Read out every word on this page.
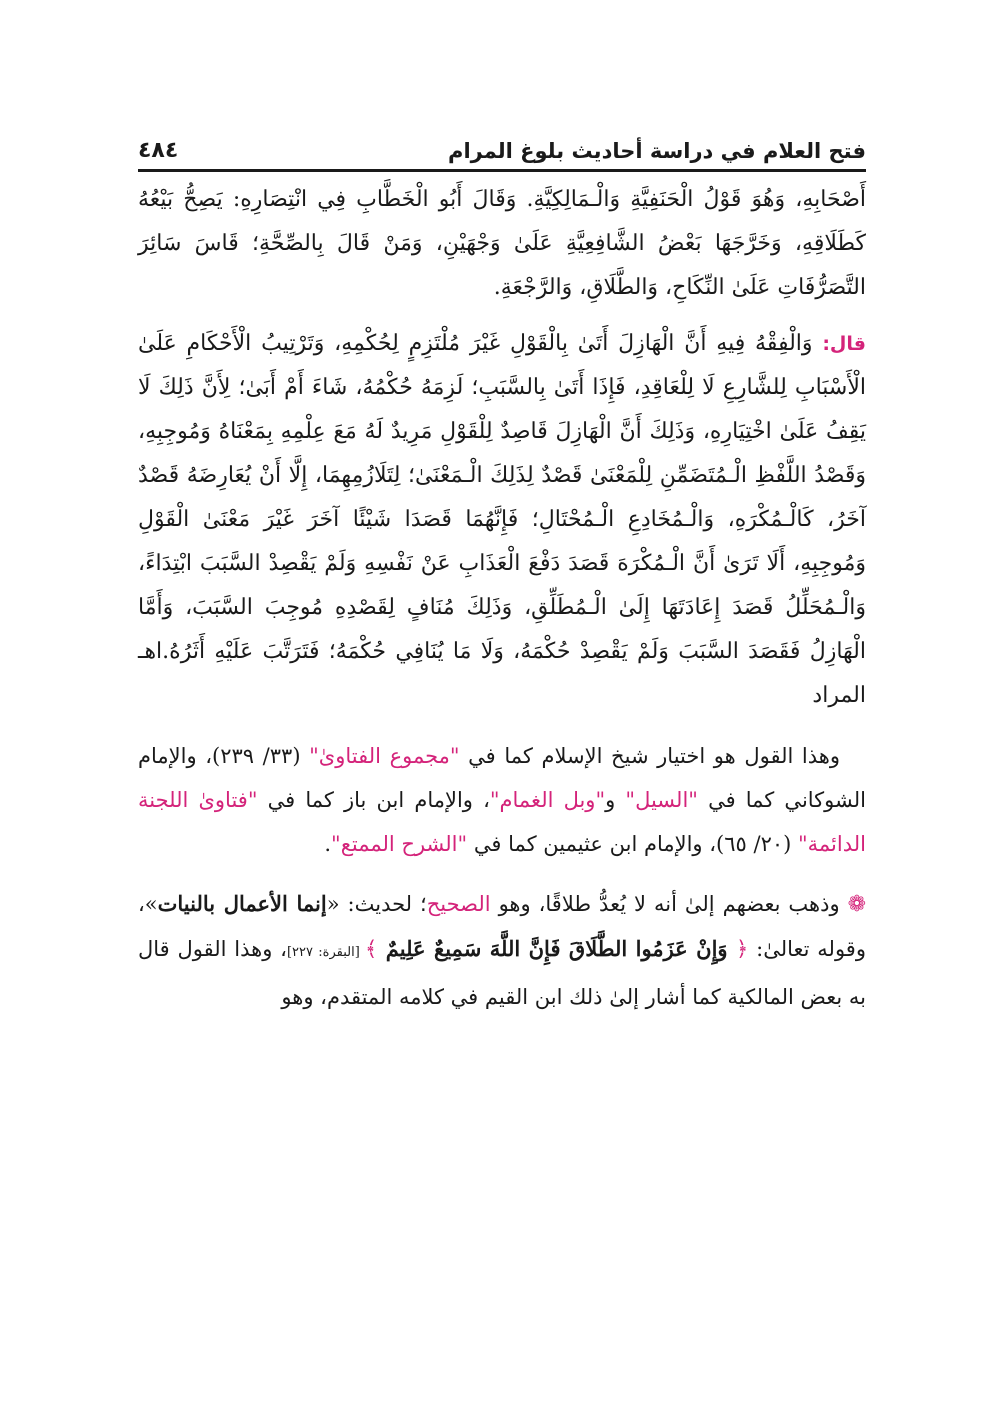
فتح العلام في دراسة أحاديث بلوغ المرام
٤٨٤

أَصْحَابِهِ، وَهُوَ قَوْلُ الْحَنَفِيَّةِ وَالْـمَالِكِيَّةِ. وَقَالَ أَبُو الْخَطَّابِ فِي انْتِصَارِهِ: يَصِحُّ بَيْعُهُ كَطَلَاقِهِ، وَخَرَّجَهَا بَعْضُ الشَّافِعِيَّةِ عَلَىٰ وَجْهَيْنِ، وَمَنْ قَالَ بِالصِّحَّةِ؛ قَاسَ سَائِرَ التَّصَرُّفَاتِ عَلَىٰ النِّكَاحِ، وَالطَّلَاقِ، وَالرَّجْعَةِ.

قال: وَالْفِقْهُ فِيهِ أَنَّ الْهَازِلَ أَتَىٰ بِالْقَوْلِ غَيْرَ مُلْتَزِمٍ لِحُكْمِهِ، وَتَرْتِيبُ الْأَحْكَامِ عَلَىٰ الْأَسْبَابِ لِلشَّارِعِ لَا لِلْعَاقِدِ، فَإِذَا أَتَىٰ بِالسَّبَبِ؛ لَزِمَهُ حُكْمُهُ، شَاءَ أَمْ أَبَىٰ؛ لِأَنَّ ذَلِكَ لَا يَقِفُ عَلَىٰ اخْتِيَارِهِ، وَذَلِكَ أَنَّ الْهَازِلَ قَاصِدٌ لِلْقَوْلِ مَرِيدٌ لَهُ مَعَ عِلْمِهِ بِمَعْنَاهُ وَمُوجِبِهِ، وَقَصْدُ اللَّفْظِ الْـمُتَضَمِّنِ لِلْمَعْنَىٰ قَصْدٌ لِذَلِكَ الْـمَعْنَىٰ؛ لِتَلَازُمِهِمَا، إِلَّا أَنْ يُعَارِضَهُ قَصْدٌ آخَرُ، كَالْـمُكْرَهِ، وَالْـمُخَادِعِ الْـمُحْتَالِ؛ فَإِنَّهُمَا قَصَدَا شَيْئًا آخَرَ غَيْرَ مَعْنَىٰ الْقَوْلِ وَمُوجِبِهِ، أَلَا تَرَىٰ أَنَّ الْـمُكْرَهَ قَصَدَ دَفْعَ الْعَذَابِ عَنْ نَفْسِهِ وَلَمْ يَقْصِدْ السَّبَبَ ابْتِدَاءً، وَالْـمُحَلِّلُ قَصَدَ إِعَادَتَهَا إِلَىٰ الْـمُطَلِّقِ، وَذَلِكَ مُنَافٍ لِقَصْدِهِ مُوجِبَ السَّبَبَ، وَأَمَّا الْهَازِلُ فَقَصَدَ السَّبَبَ وَلَمْ يَقْصِدْ حُكْمَهُ، وَلَا مَا يُنَافِي حُكْمَهُ؛ فَتَرَتَّبَ عَلَيْهِ أَثَرُهُ.اهـ المراد

وهذا القول هو اختيار شيخ الإسلام كما في "مجموع الفتاوىٰ" (٣٣/ ٢٣٩)، والإمام الشوكاني كما في "السيل" و"وبل الغمام"، والإمام ابن باز كما في "فتاوىٰ اللجنة الدائمة" (٢٠/ ٦٥)، والإمام ابن عثيمين كما في "الشرح الممتع".

❁ وذهب بعضهم إلىٰ أنه لا يُعدُّ طلاقًا، وهو الصحيح؛ لحديث: «إنما الأعمال بالنيات»، وقوله تعالىٰ: ﴿ وَإِنْ عَزَمُوا الطَّلَاقَ فَإِنَّ اللَّهَ سَمِيعٌ عَلِيمٌ ﴾ [البقرة: ٢٢٧]، وهذا القول قال به بعض المالكية كما أشار إلىٰ ذلك ابن القيم في كلامه المتقدم، وهو
